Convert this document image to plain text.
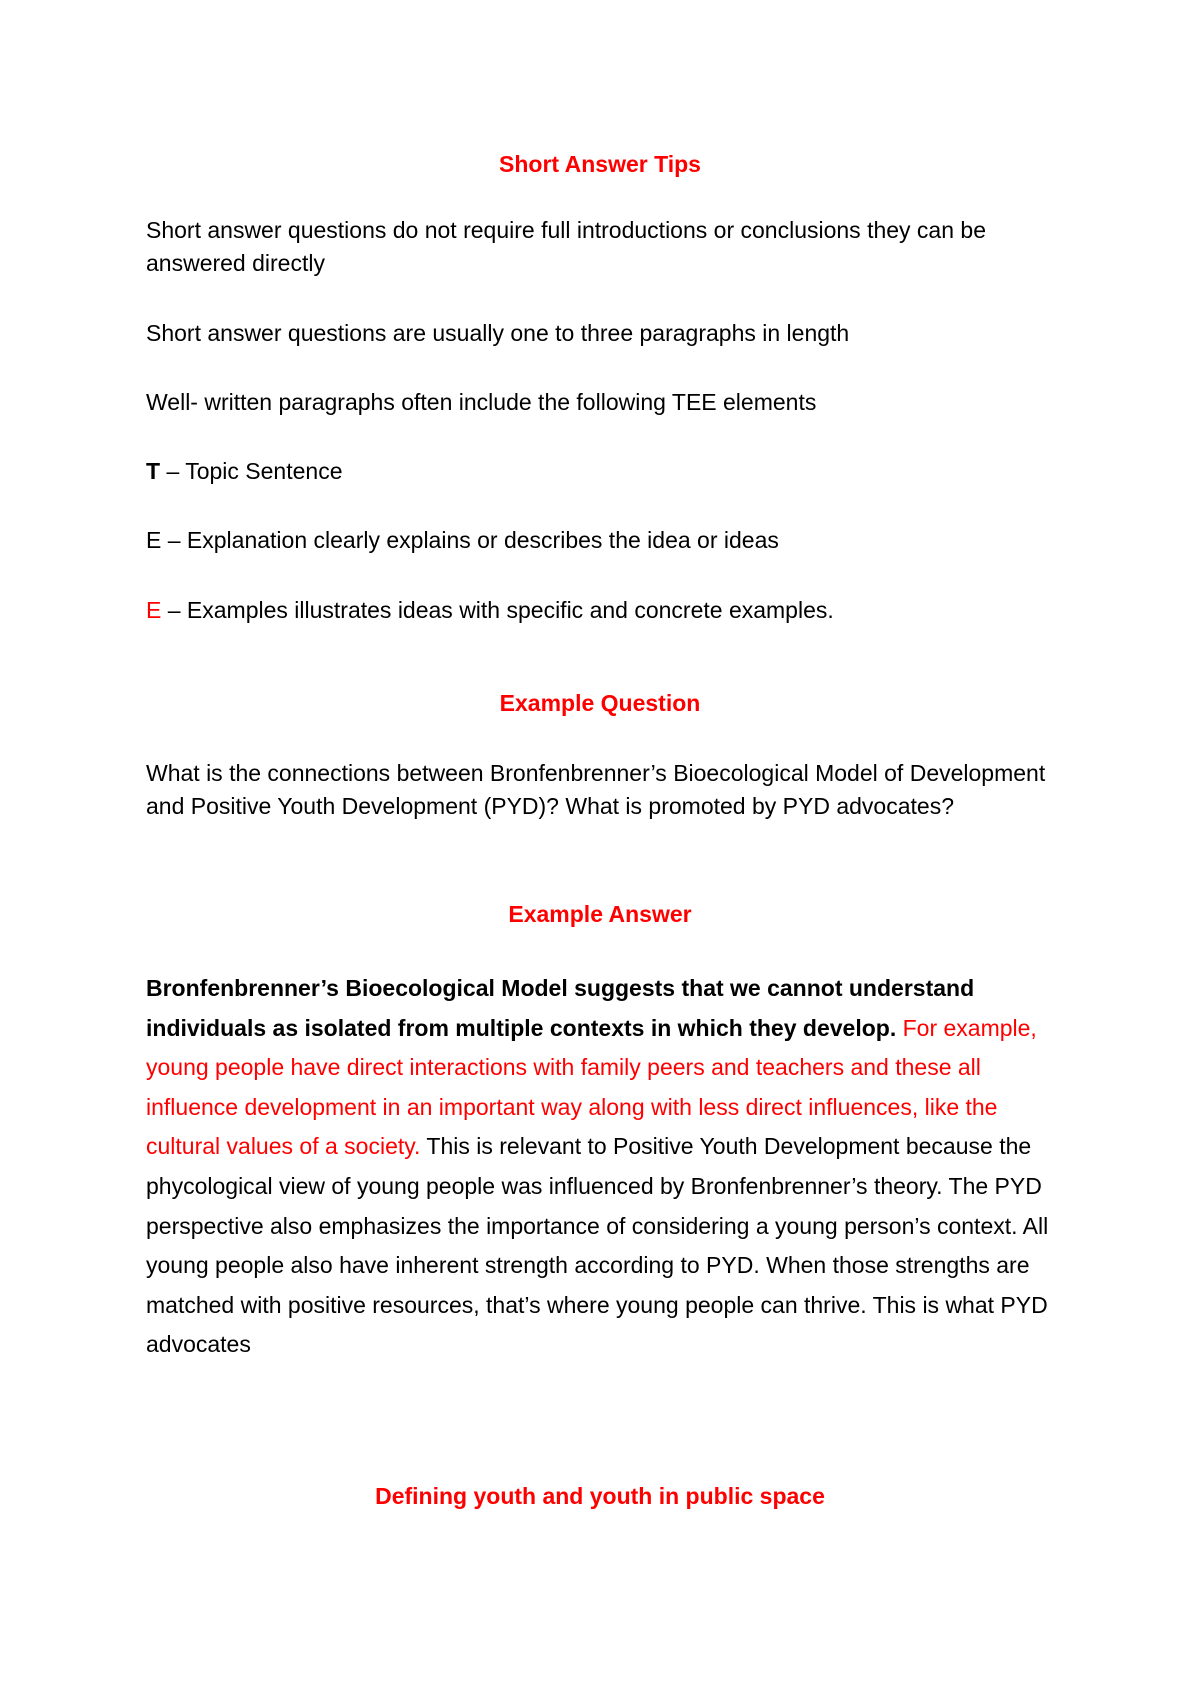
Short Answer Tips
Short answer questions do not require full introductions or conclusions they can be answered directly
Short answer questions are usually one to three paragraphs in length
Well- written paragraphs often include the following TEE elements
T – Topic Sentence
E – Explanation clearly explains or describes the idea or ideas
E – Examples illustrates ideas with specific and concrete examples.
Example Question
What is the connections between Bronfenbrenner’s Bioecological Model of Development and Positive Youth Development (PYD)? What is promoted by PYD advocates?
Example Answer
Bronfenbrenner’s Bioecological Model suggests that we cannot understand individuals as isolated from multiple contexts in which they develop. For example, young people have direct interactions with family peers and teachers and these all influence development in an important way along with less direct influences, like the cultural values of a society. This is relevant to Positive Youth Development because the phycological view of young people was influenced by Bronfenbrenner’s theory. The PYD perspective also emphasizes the importance of considering a young person’s context. All young people also have inherent strength according to PYD. When those strengths are matched with positive resources, that’s where young people can thrive. This is what PYD advocates
Defining youth and youth in public space
